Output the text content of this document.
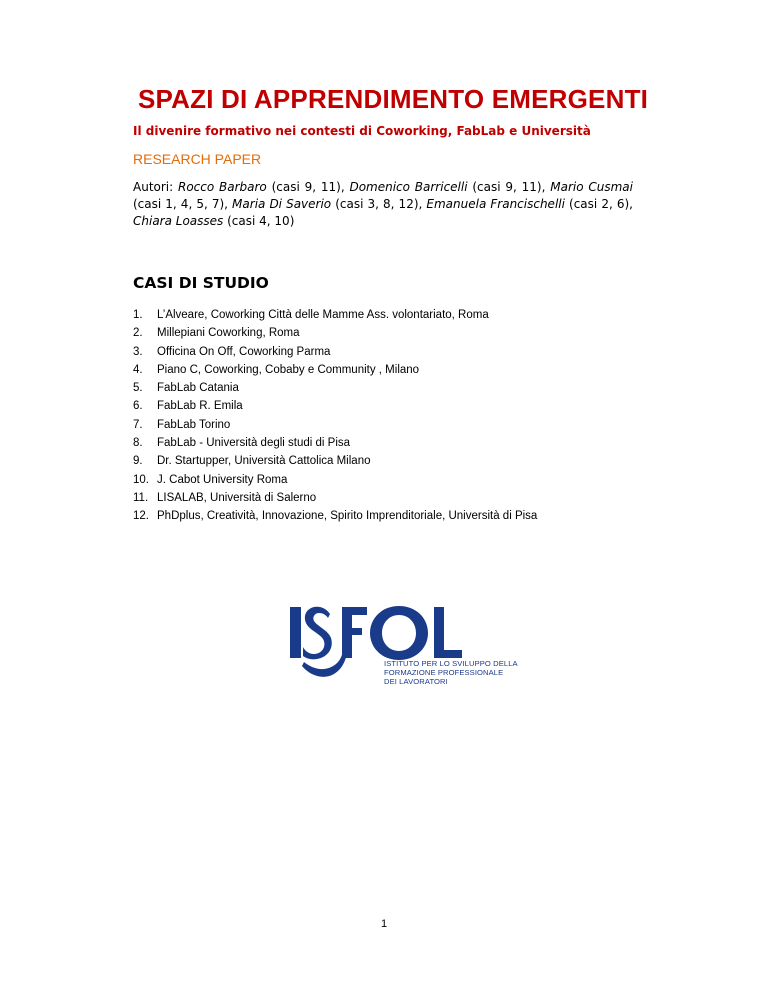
SPAZI DI APPRENDIMENTO EMERGENTI
Il divenire formativo nei contesti di Coworking, FabLab e Università
RESEARCH PAPER
Autori: Rocco Barbaro (casi 9, 11), Domenico Barricelli (casi 9, 11), Mario Cusmai (casi 1, 4, 5, 7), Maria Di Saverio (casi 3, 8, 12), Emanuela Francischelli (casi 2, 6), Chiara Loasses (casi 4, 10)
CASI DI STUDIO
1. L’Alveare, Coworking Città delle Mamme Ass. volontariato, Roma
2. Millepiani Coworking, Roma
3. Officina On Off, Coworking Parma
4. Piano C, Coworking, Cobaby e Community , Milano
5. FabLab Catania
6. FabLab R. Emila
7. FabLab Torino
8. FabLab - Università degli studi di Pisa
9. Dr. Startupper, Università Cattolica Milano
10. J. Cabot University Roma
11. LISALAB, Università di Salerno
12. PhDplus, Creatività, Innovazione, Spirito Imprenditoriale, Università di Pisa
ISTITUTO PER LO SVILUPPO DELLA
FORMAZIONE PROFESSIONALE
DEI LAVORATORI
1
